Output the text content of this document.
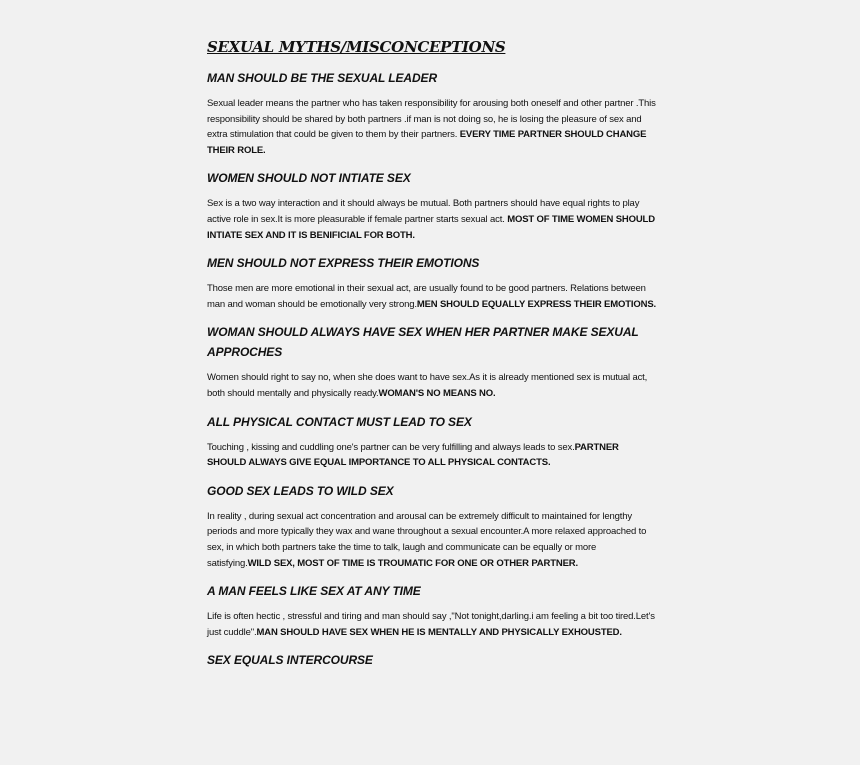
SEXUAL MYTHS/MISCONCEPTIONS
MAN SHOULD BE THE SEXUAL LEADER

Sexual leader means the partner who has taken responsibility for arousing both oneself and other partner .This responsibility should be shared by both partners .if man is not doing so, he is losing the pleasure of sex and extra stimulation that could be given to them by their partners. EVERY TIME PARTNER SHOULD CHANGE THEIR ROLE.

WOMEN SHOULD NOT INTIATE SEX

Sex is a two way interaction and it should always be mutual. Both partners should have equal rights to play active role in sex.It is more pleasurable if female partner starts sexual act. MOST OF TIME WOMEN SHOULD INTIATE SEX AND IT IS BENIFICIAL FOR BOTH.

MEN SHOULD NOT EXPRESS THEIR EMOTIONS

Those men are more emotional in their sexual act, are usually found to be good partners. Relations between man and woman should be emotionally very strong.MEN SHOULD EQUALLY EXPRESS THEIR EMOTIONS.

WOMAN SHOULD ALWAYS HAVE SEX WHEN HER PARTNER MAKE SEXUAL APPROCHES

Women should right to say no, when she does want to have sex.As it is already mentioned sex is mutual act, both should mentally and physically ready.WOMAN'S NO MEANS NO.

ALL PHYSICAL CONTACT MUST LEAD TO SEX

Touching , kissing and cuddling one's partner can be very fulfilling and always leads to sex.PARTNER SHOULD ALWAYS GIVE EQUAL IMPORTANCE TO ALL PHYSICAL CONTACTS.

GOOD SEX LEADS TO WILD SEX

In reality , during sexual act concentration and arousal can be extremely difficult to maintained for lengthy periods and more typically they wax and wane throughout a sexual encounter.A more relaxed approached to sex, in which both partners take the time to talk, laugh and communicate can be equally or more satisfying.WILD SEX, MOST OF TIME IS TROUMATIC FOR ONE OR OTHER PARTNER.

A MAN FEELS LIKE SEX AT ANY TIME

Life is often hectic , stressful and tiring and man should say ,"Not tonight,darling.i am feeling a bit too tired.Let's just cuddle".MAN SHOULD HAVE SEX WHEN HE IS MENTALLY AND PHYSICALLY EXHOUSTED.

SEX EQUALS INTERCOURSE
